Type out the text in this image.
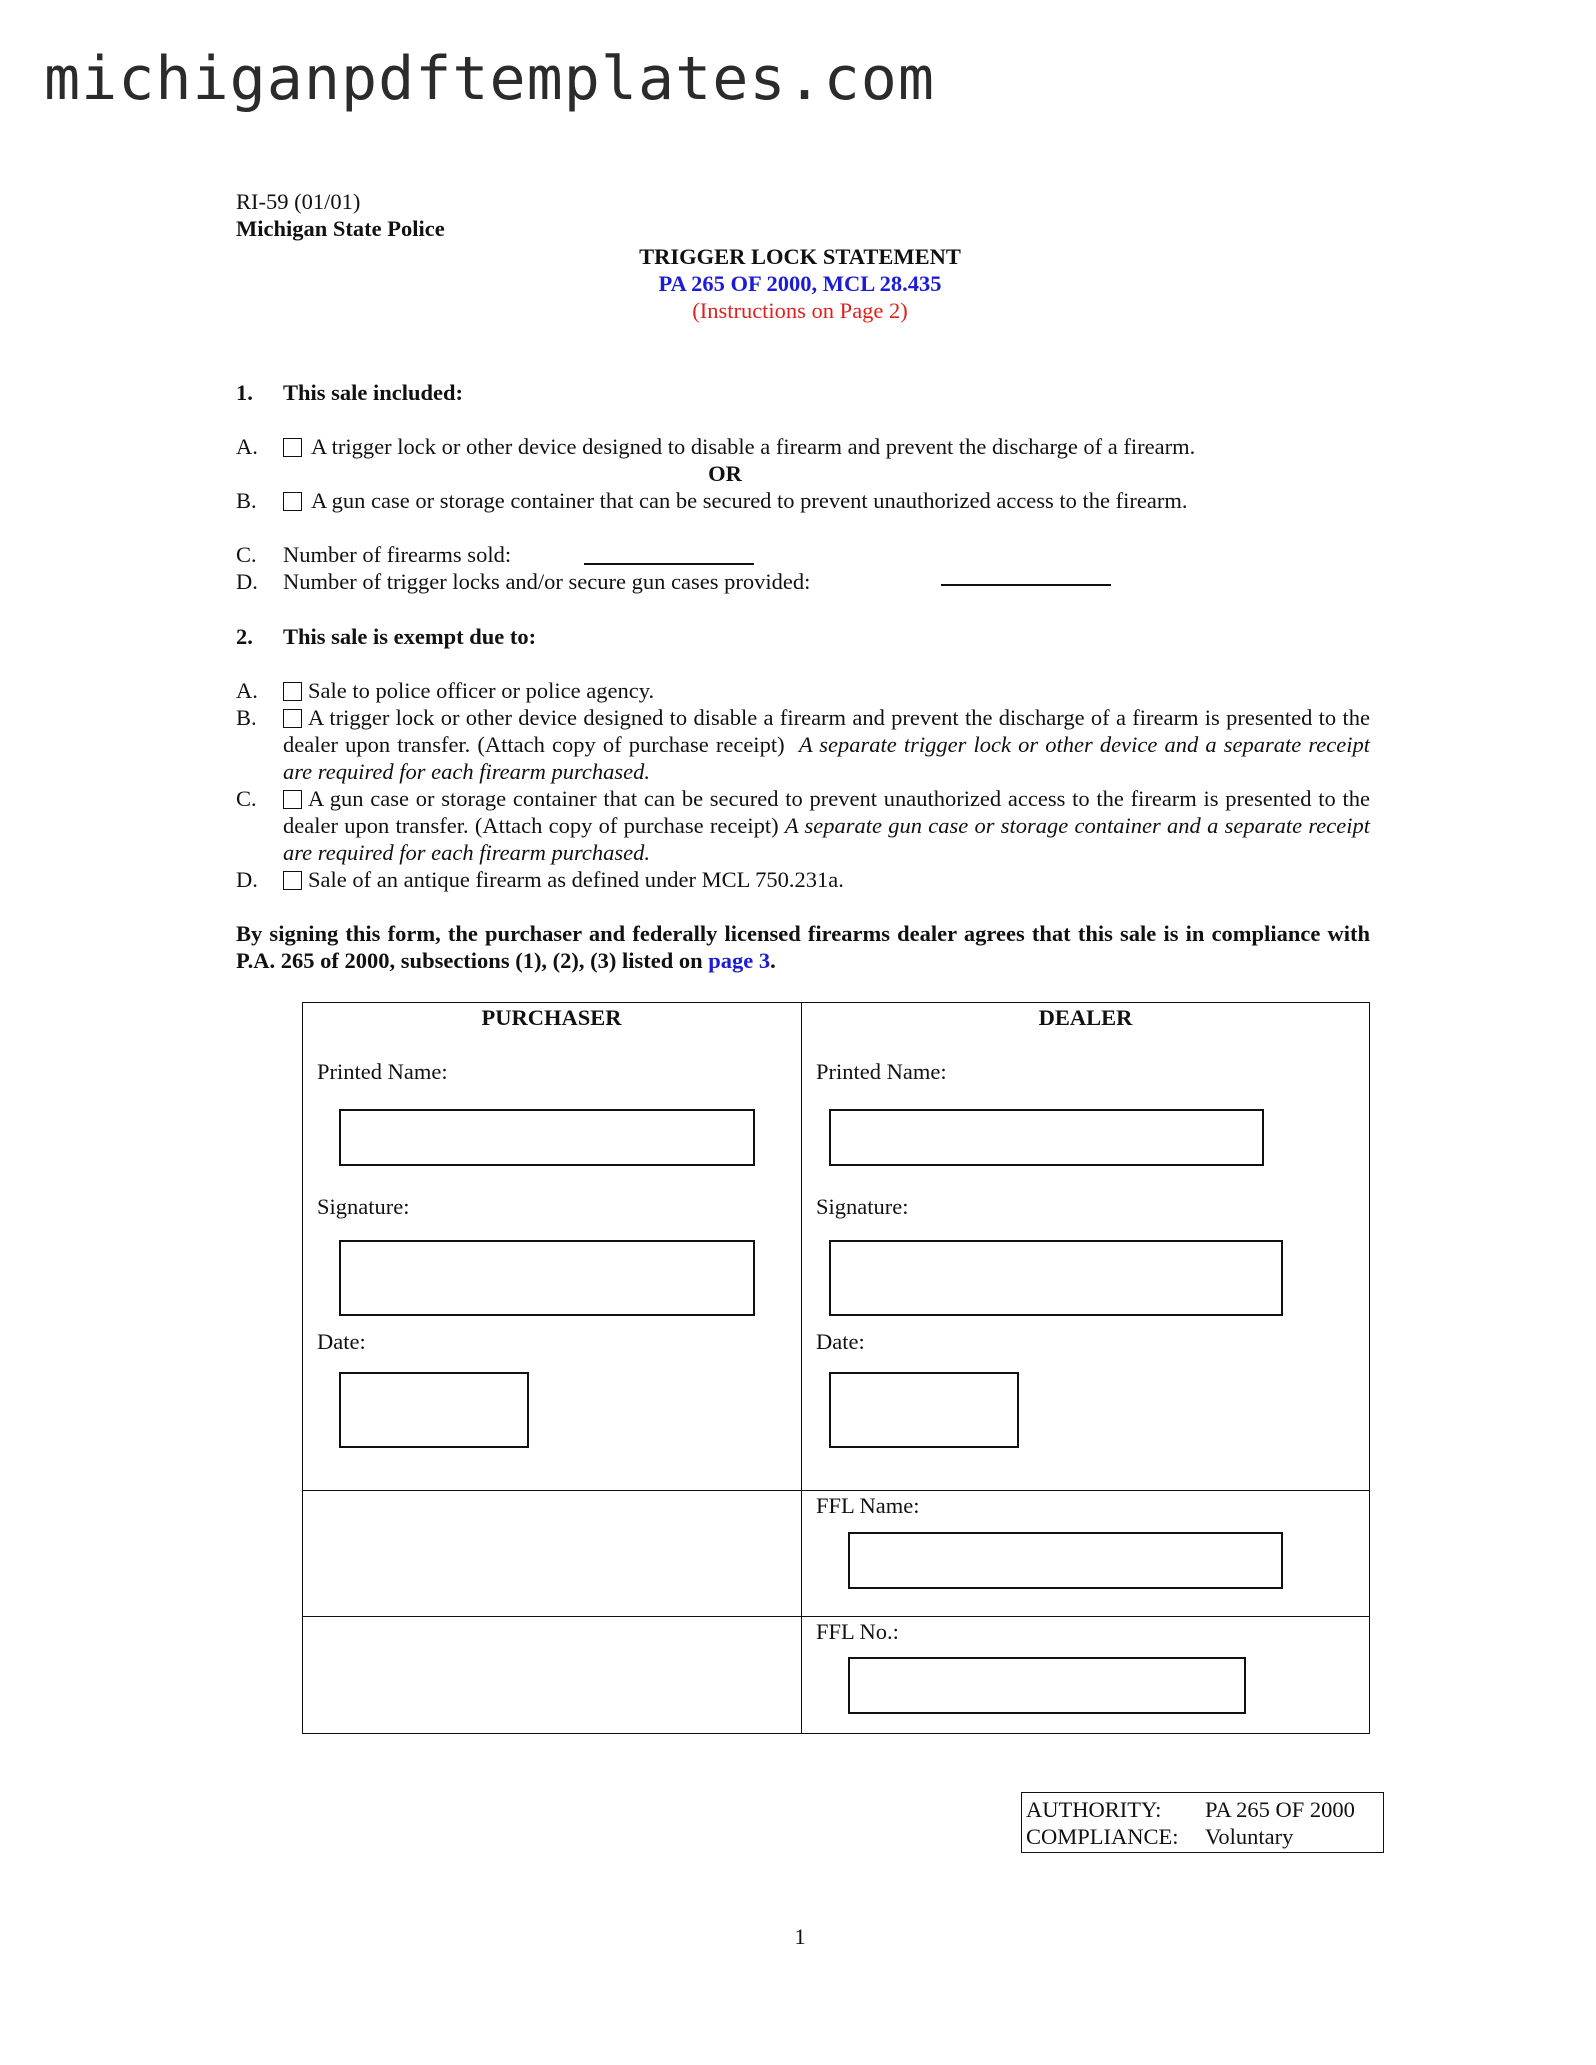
michiganpdftemplates.com
RI-59 (01/01)
Michigan State Police
TRIGGER LOCK STATEMENT
PA 265 OF 2000, MCL 28.435
(Instructions on Page 2)
1. This sale included:
A.	A trigger lock or other device designed to disable a firearm and prevent the discharge of a firearm.
OR
B.	A gun case or storage container that can be secured to prevent unauthorized access to the firearm.
C. Number of firearms sold:
D. Number of trigger locks and/or secure gun cases provided:
2. This sale is exempt due to:
A.	Sale to police officer or police agency.
B.	A trigger lock or other device designed to disable a firearm and prevent the discharge of a firearm is presented to the dealer upon transfer. (Attach copy of purchase receipt) A separate trigger lock or other device and a separate receipt are required for each firearm purchased.
C.	A gun case or storage container that can be secured to prevent unauthorized access to the firearm is presented to the dealer upon transfer. (Attach copy of purchase receipt) A separate gun case or storage container and a separate receipt are required for each firearm purchased.
D.	Sale of an antique firearm as defined under MCL 750.231a.
By signing this form, the purchaser and federally licensed firearms dealer agrees that this sale is in compliance with P.A. 265 of 2000, subsections (1), (2), (3) listed on page 3.
PURCHASER
Printed Name:
Signature:
Date:
DEALER
Printed Name:
Signature:
Date:
FFL Name:
FFL No.:
AUTHORITY: PA 265 OF 2000
COMPLIANCE: Voluntary
1
